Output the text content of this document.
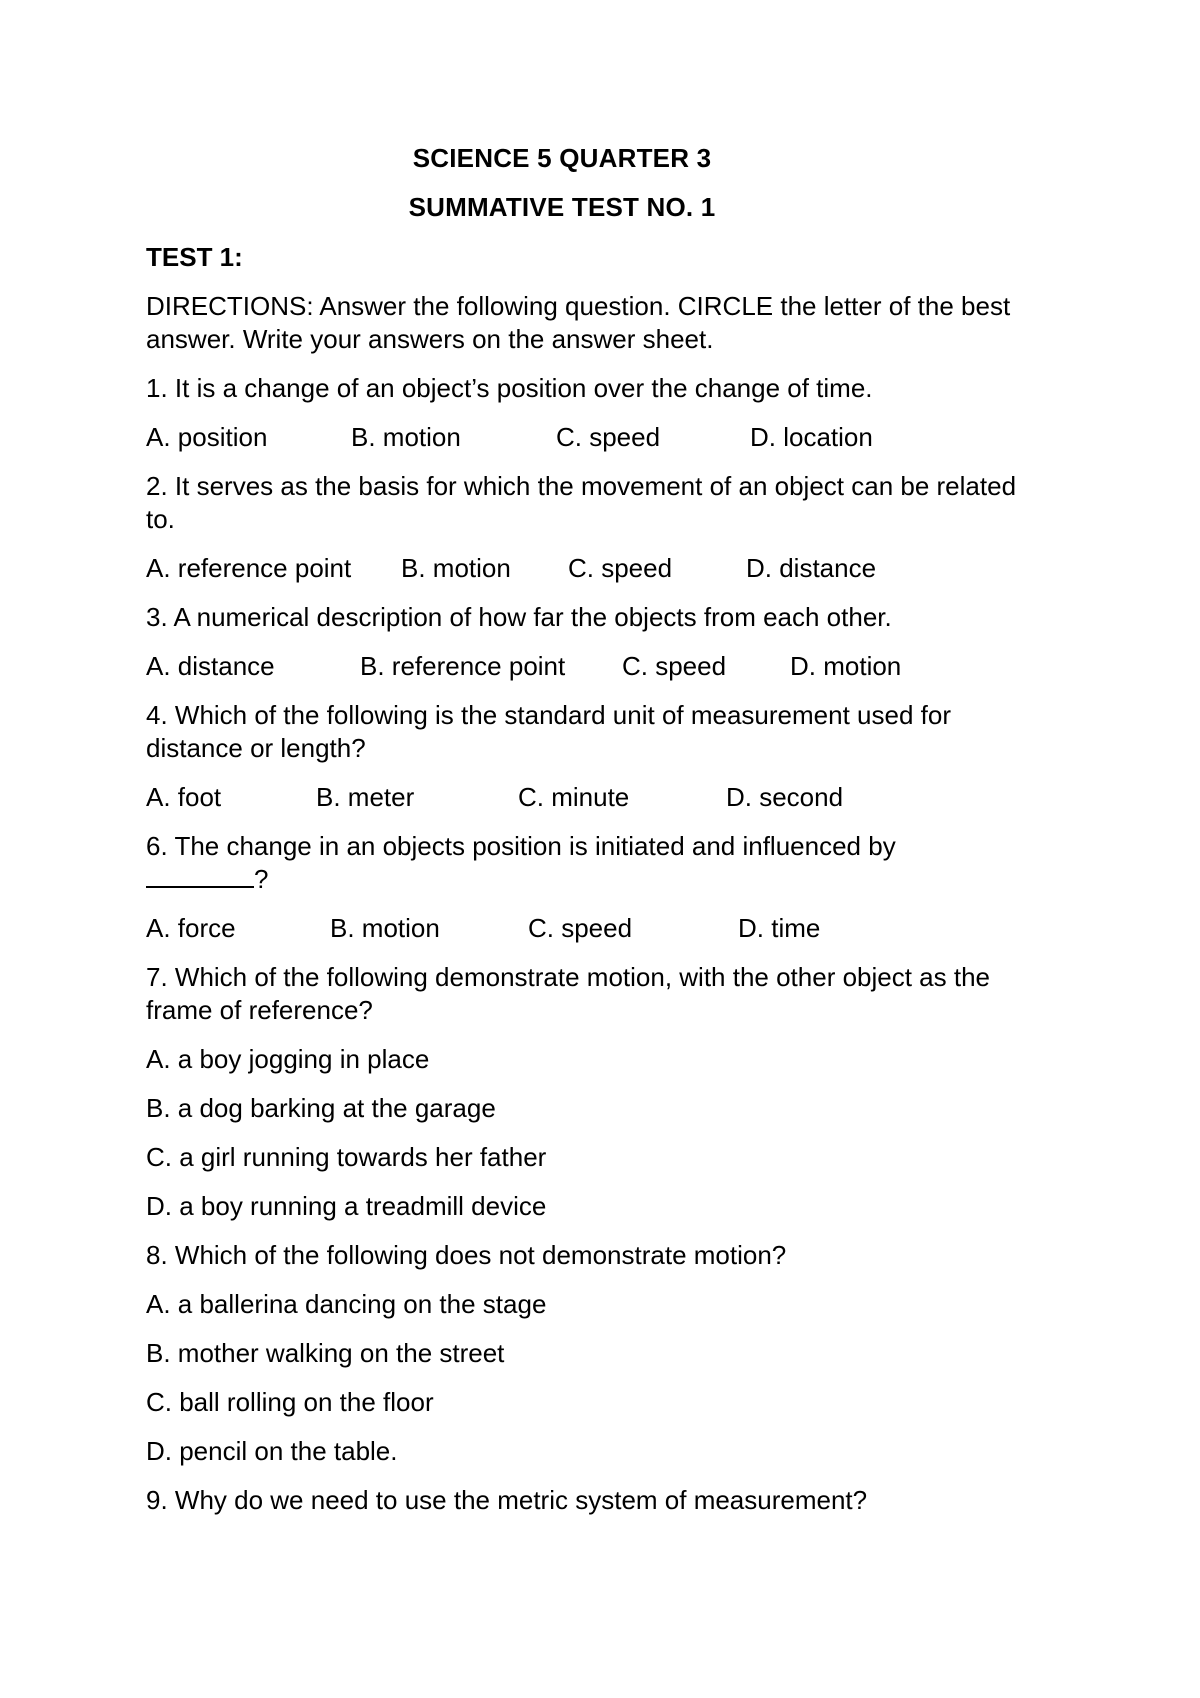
SCIENCE 5 QUARTER 3
SUMMATIVE TEST NO. 1
TEST 1:
DIRECTIONS: Answer the following question. CIRCLE the letter of the best answer. Write your answers on the answer sheet.
1. It is a change of an object’s position over the change of time.
A. position	B. motion	C. speed	D. location
2. It serves as the basis for which the movement of an object can be related to.
A. reference point B. motion C. speed	D. distance
3. A numerical description of how far the objects from each other.
A. distance	B. reference point C. speed D. motion
4. Which of the following is the standard unit of measurement used for distance or length?
A. foot	B. meter	C. minute	D. second
6. The change in an objects position is initiated and influenced by
?
A. force	B. motion	C. speed	D. time
7. Which of the following demonstrate motion, with the other object as the frame of reference?
A. a boy jogging in place
B. a dog barking at the garage
C. a girl running towards her father
D. a boy running a treadmill device
8. Which of the following does not demonstrate motion?
A. a ballerina dancing on the stage
B. mother walking on the street
C. ball rolling on the floor
D. pencil on the table.
9. Why do we need to use the metric system of measurement?
